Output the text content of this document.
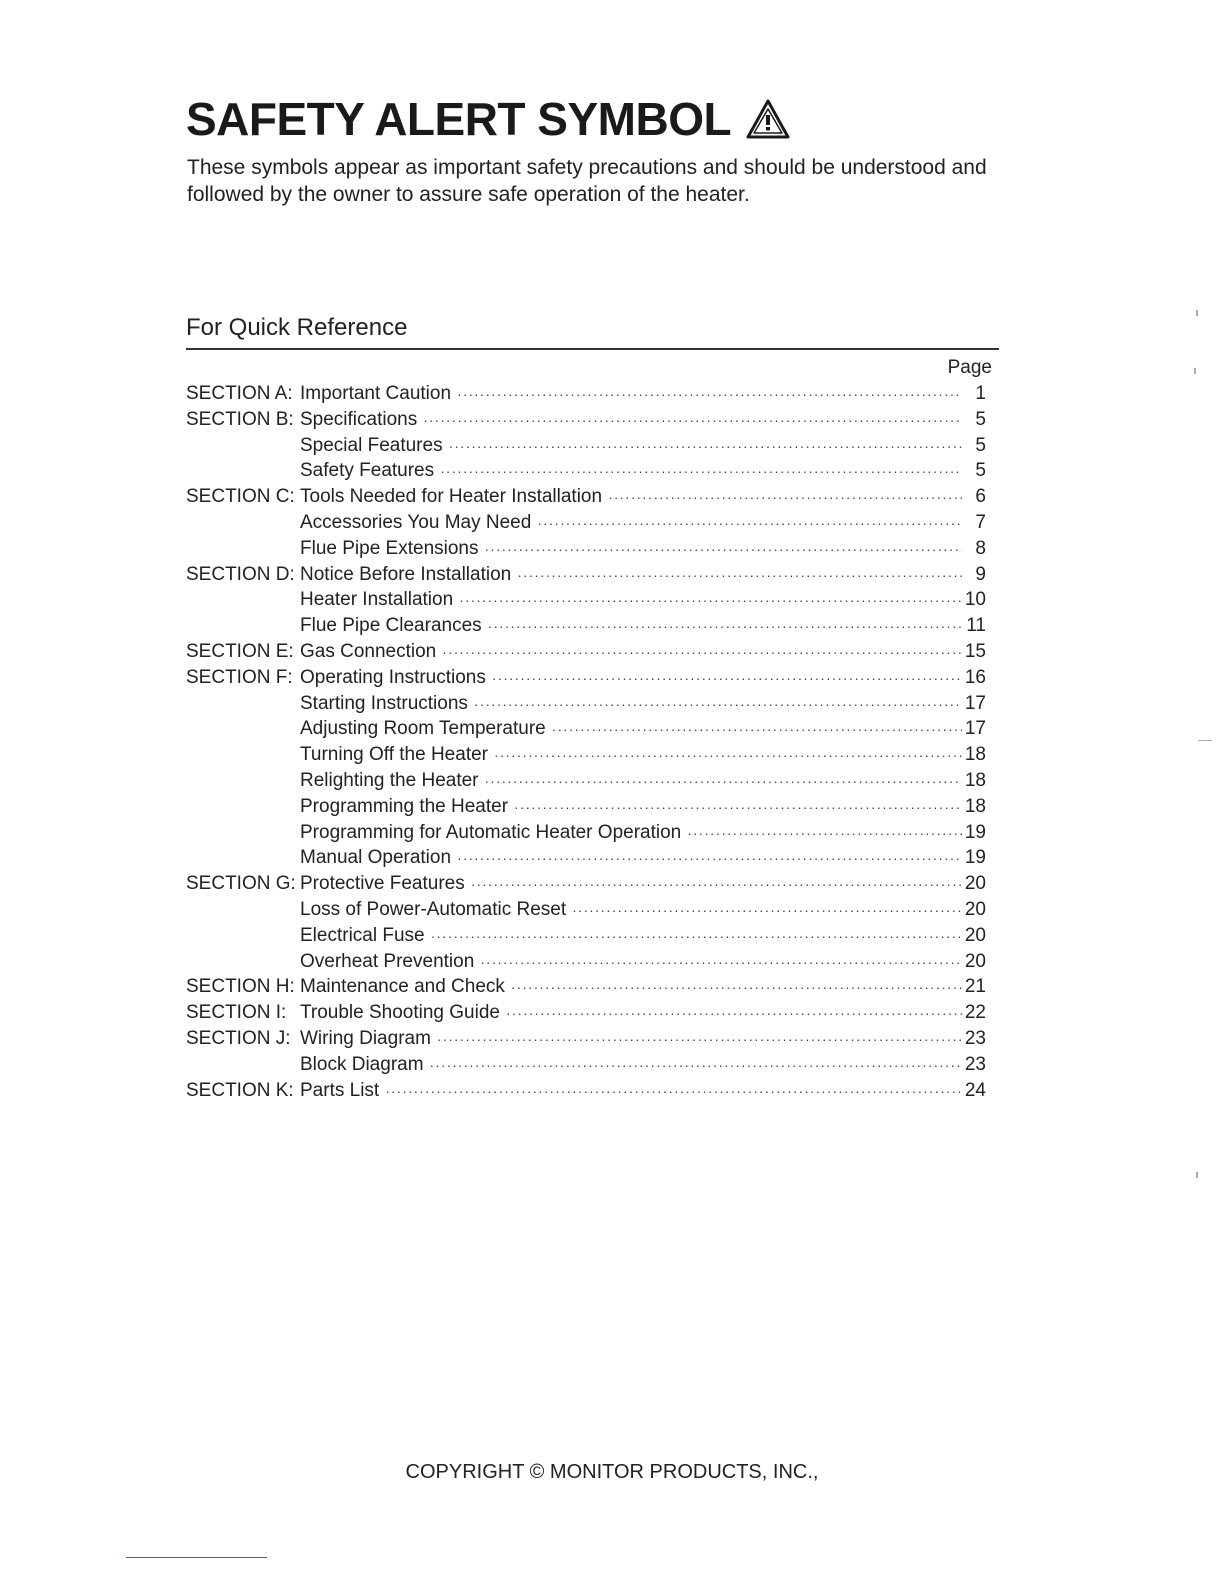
SAFETY ALERT SYMBOL
These symbols appear as important safety precautions and should be understood and followed by the owner to assure safe operation of the heater.
For Quick Reference
Page
SECTION A: Important Caution ·····	1
SECTION B: Specifications ·····	5
Special Features ·····	5
Safety Features ·····	5
SECTION C: Tools Needed for Heater Installation ·····	6
Accessories You May Need ·····	7
Flue Pipe Extensions ·····	8
SECTION D: Notice Before Installation ·····	9
Heater Installation ·····	10
Flue Pipe Clearances ·····	11
SECTION E: Gas Connection ·····	15
SECTION F: Operating Instructions ·····	16
Starting Instructions ·····	17
Adjusting Room Temperature ·····	17
Turning Off the Heater ·····	18
Relighting the Heater ·····	18
Programming the Heater ·····	18
Programming for Automatic Heater Operation ·····	19
Manual Operation ·····	19
SECTION G: Protective Features ·····	20
Loss of Power-Automatic Reset ·····	20
Electrical Fuse ·····	20
Overheat Prevention ·····	20
SECTION H: Maintenance and Check ·····	21
SECTION I: Trouble Shooting Guide ·····	22
SECTION J: Wiring Diagram ·····	23
Block Diagram ·····	23
SECTION K: Parts List ·····	24
COPYRIGHT © MONITOR PRODUCTS, INC.,
